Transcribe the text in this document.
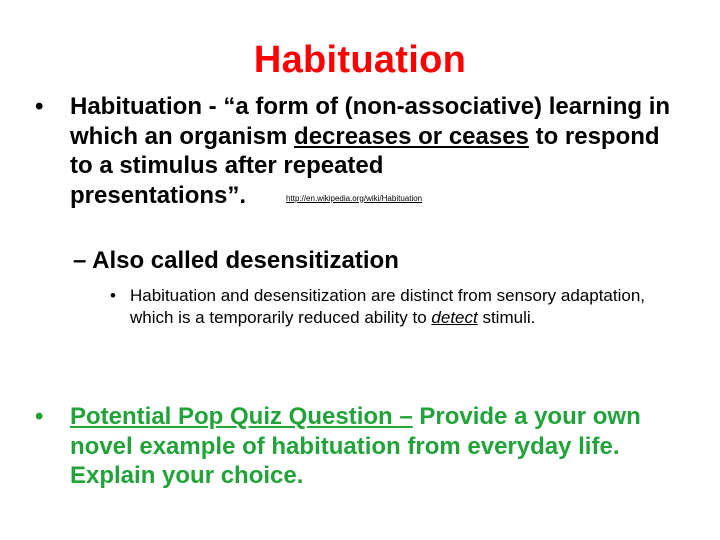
Habituation
• Habituation - “a form of (non-associative) learning in which an organism decreases or ceases to respond to a stimulus after repeated presentations”.	http://en.wikipedia.org/wiki/Habituation
– Also called desensitization
• Habituation and desensitization are distinct from sensory adaptation, which is a temporarily reduced ability to detect stimuli.
• Potential Pop Quiz Question – Provide a your own novel example of habituation from everyday life. Explain your choice.
